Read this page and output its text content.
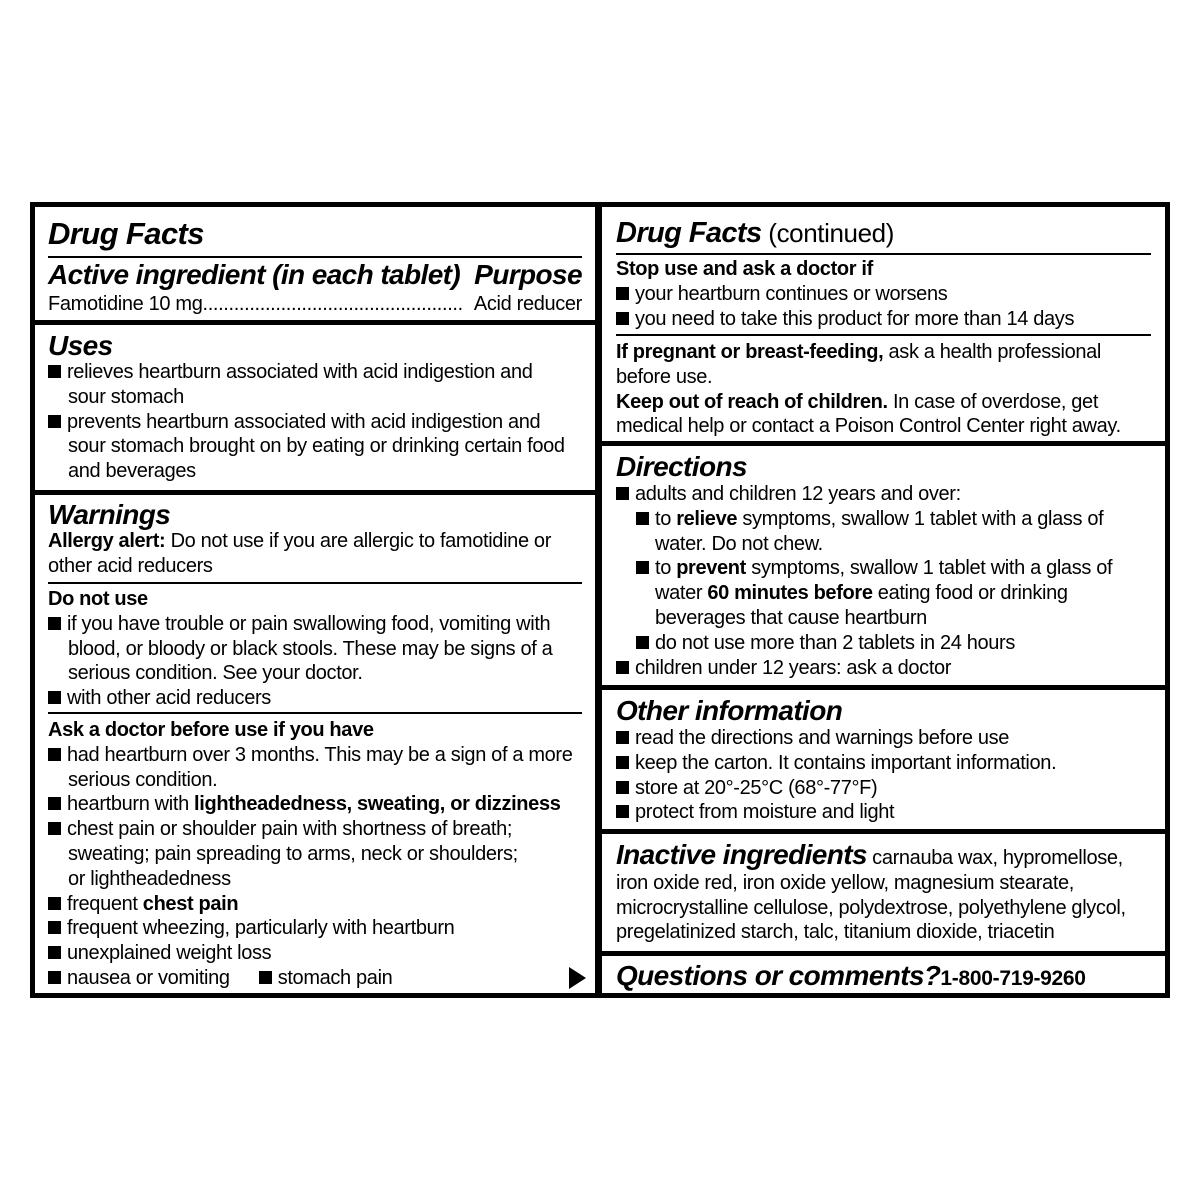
Drug Facts
Active ingredient (in each tablet) Purpose
Famotidine 10 mg.................................................. Acid reducer
Uses
relieves heartburn associated with acid indigestion and
sour stomach
prevents heartburn associated with acid indigestion and
sour stomach brought on by eating or drinking certain food
and beverages
Warnings
Allergy alert: Do not use if you are allergic to famotidine or
other acid reducers
Do not use
if you have trouble or pain swallowing food, vomiting with
blood, or bloody or black stools. These may be signs of a
serious condition. See your doctor.
with other acid reducers
Ask a doctor before use if you have
had heartburn over 3 months. This may be a sign of a more
serious condition.
heartburn with lightheadedness, sweating, or dizziness
chest pain or shoulder pain with shortness of breath;
sweating; pain spreading to arms, neck or shoulders;
or lightheadedness
frequent chest pain
frequent wheezing, particularly with heartburn
unexplained weight loss
nausea or vomiting stomach pain
Drug Facts (continued)
Stop use and ask a doctor if
your heartburn continues or worsens
you need to take this product for more than 14 days
If pregnant or breast-feeding, ask a health professional
before use.
Keep out of reach of children. In case of overdose, get
medical help or contact a Poison Control Center right away.
Directions
adults and children 12 years and over:
to relieve symptoms, swallow 1 tablet with a glass of
water. Do not chew.
to prevent symptoms, swallow 1 tablet with a glass of
water 60 minutes before eating food or drinking
beverages that cause heartburn
do not use more than 2 tablets in 24 hours
children under 12 years: ask a doctor
Other information
read the directions and warnings before use
keep the carton. It contains important information.
store at 20°-25°C (68°-77°F)
protect from moisture and light
Inactive ingredients carnauba wax, hypromellose,
iron oxide red, iron oxide yellow, magnesium stearate,
microcrystalline cellulose, polydextrose, polyethylene glycol,
pregelatinized starch, talc, titanium dioxide, triacetin
Questions or comments?1-800-719-9260
